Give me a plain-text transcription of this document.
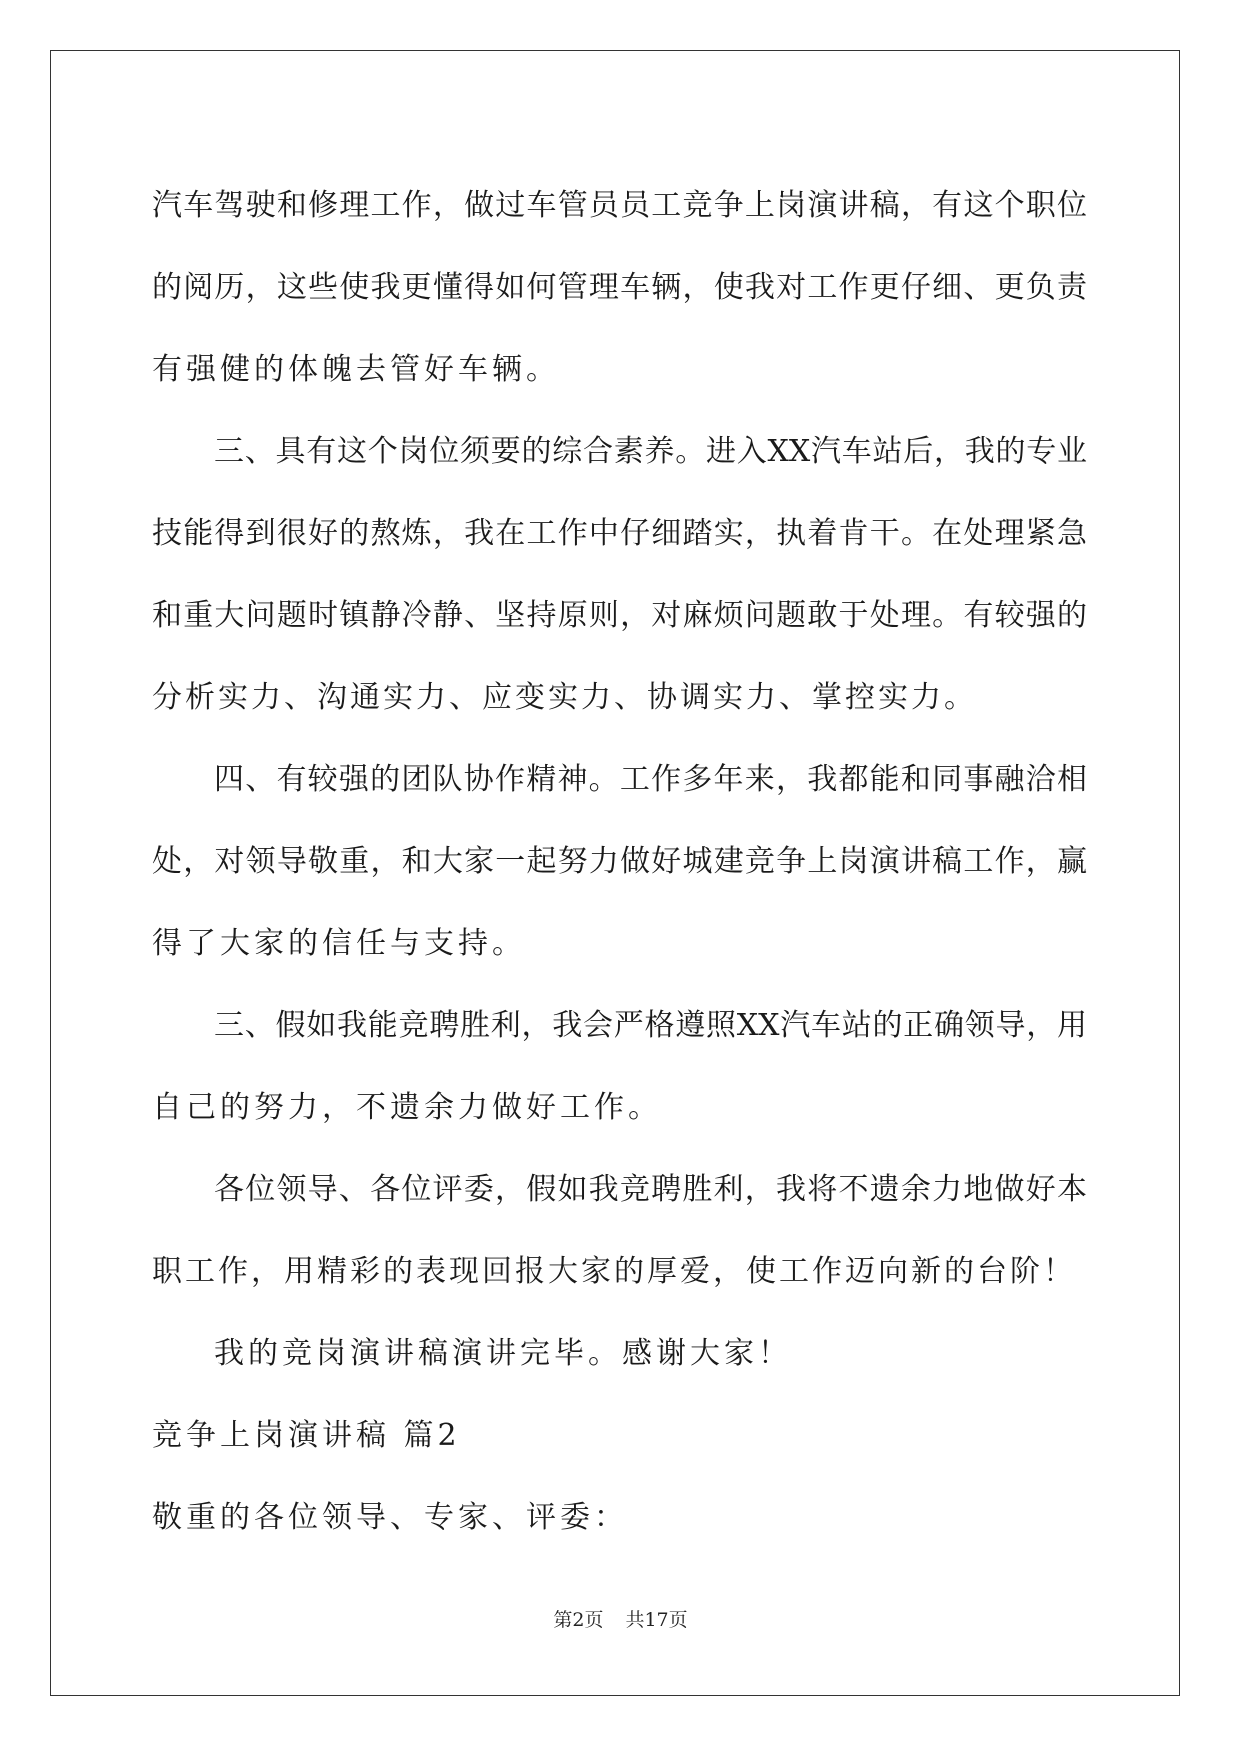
汽车驾驶和修理工作，做过车管员员工竞争上岗演讲稿，有这个职位
的阅历，这些使我更懂得如何管理车辆，使我对工作更仔细、更负责
有强健的体魄去管好车辆。
三、具有这个岗位须要的综合素养。进入XX汽车站后，我的专业
技能得到很好的熬炼，我在工作中仔细踏实，执着肯干。在处理紧急
和重大问题时镇静冷静、坚持原则，对麻烦问题敢于处理。有较强的
分析实力、沟通实力、应变实力、协调实力、掌控实力。
四、有较强的团队协作精神。工作多年来，我都能和同事融洽相
处，对领导敬重，和大家一起努力做好城建竞争上岗演讲稿工作，赢
得了大家的信任与支持。
三、假如我能竞聘胜利，我会严格遵照XX汽车站的正确领导，用
自己的努力，不遗余力做好工作。
各位领导、各位评委，假如我竞聘胜利，我将不遗余力地做好本
职工作，用精彩的表现回报大家的厚爱，使工作迈向新的台阶！
我的竞岗演讲稿演讲完毕。感谢大家！
竞争上岗演讲稿 篇2
敬重的各位领导、专家、评委：
第2页 共17页
